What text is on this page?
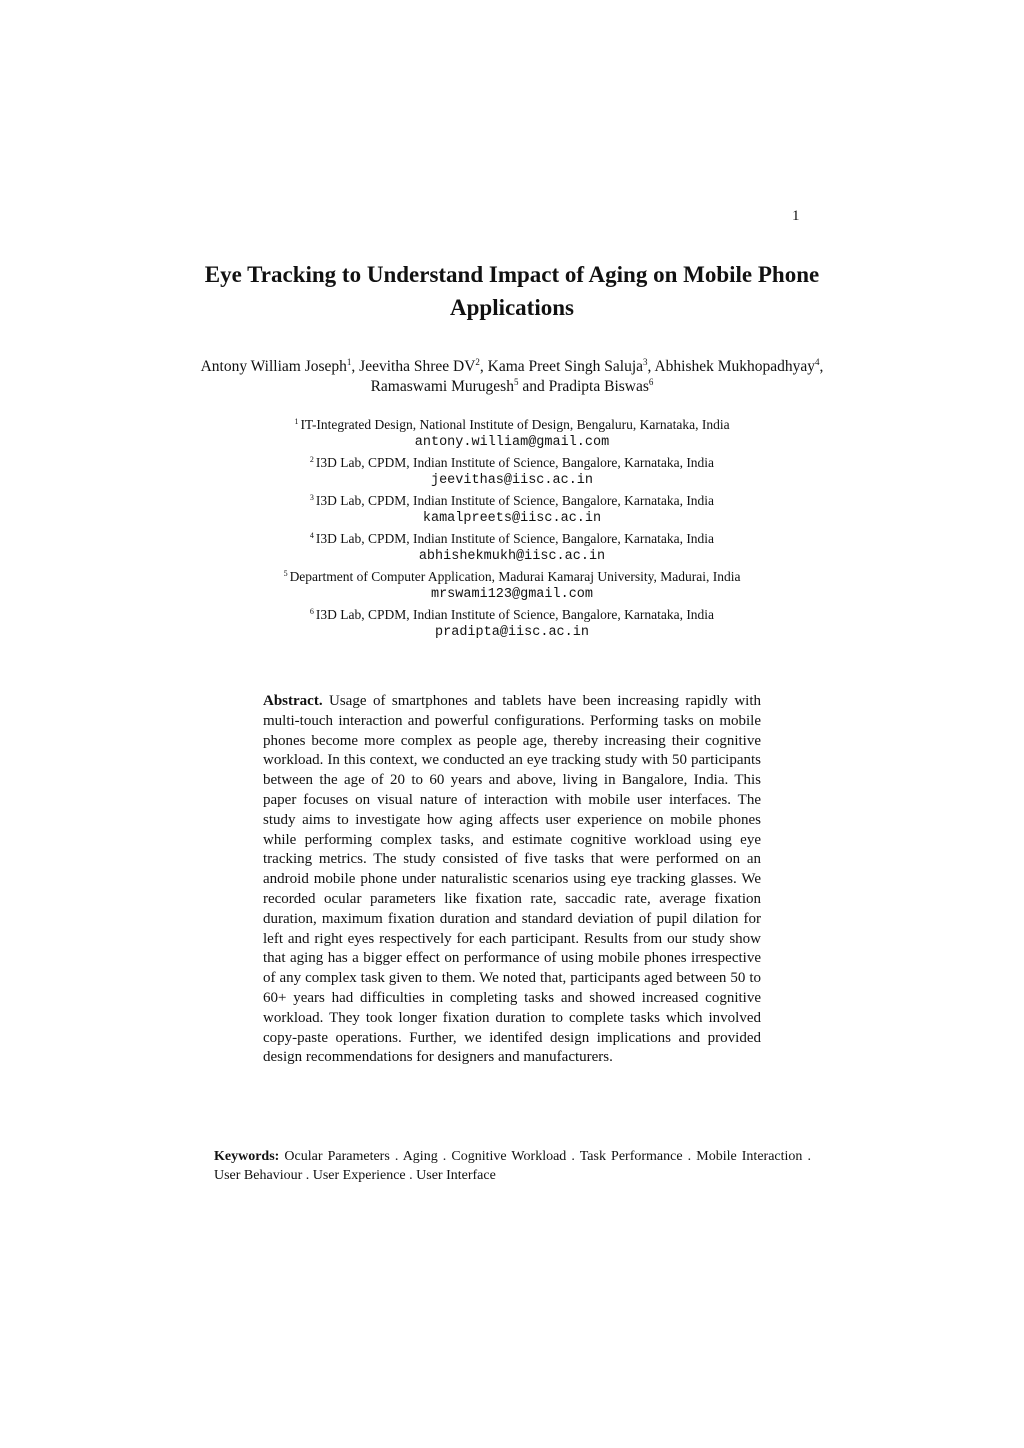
1
Eye Tracking to Understand Impact of Aging on Mobile Phone Applications
Antony William Joseph$^1$, Jeevitha Shree $DV^2$, Kama Preet Singh Saluja$^3$, Abhishek Mukhopadhyay$^4$, Ramaswami Murugesh$^5$ and Pradipta Biswas$^6$
$^1$ IT-Integrated Design, National Institute of Design, Bengaluru, Karnataka, India
antony.william@gmail.com
$^2$ I3D Lab, CPDM, Indian Institute of Science, Bangalore, Karnataka, India
jeevithas@iisc.ac.in
$^3$ I3D Lab, CPDM, Indian Institute of Science, Bangalore, Karnataka, India
kamalpreets@iisc.ac.in
$^4$ I3D Lab, CPDM, Indian Institute of Science, Bangalore, Karnataka, India
abhishekmukh@iisc.ac.in
$^5$ Department of Computer Application, Madurai Kamaraj University, Madurai, India
mrswami123@gmail.com
$^6$ I3D Lab, CPDM, Indian Institute of Science, Bangalore, Karnataka, India
pradipta@iisc.ac.in

Abstract. Usage of smartphones and tablets have been increasing rapidly with multi-touch interaction and powerful configurations. Performing tasks on mobile phones become more complex as people age, thereby increasing their cognitive workload. In this context, we conducted an eye tracking study with 50 participants between the age of 20 to 60 years and above, living in Bangalore, India. This paper focuses on visual nature of interaction with mobile user interfaces. The study aims to investigate how aging affects user experience on mobile phones while performing complex tasks, and estimate cognitive workload using eye tracking metrics. The study consisted of five tasks that were performed on an android mobile phone under naturalistic scenarios using eye tracking glasses. We recorded ocular parameters like fixation rate, saccadic rate, average fixation duration, maximum fixation duration and standard deviation of pupil dilation for left and right eyes respectively for each participant. Results from our study show that aging has a bigger effect on performance of using mobile phones irrespective of any complex task given to them. We noted that, participants aged between 50 to 60+ years had difficulties in completing tasks and showed increased cognitive workload. They took longer fixation duration to complete tasks which involved copy-paste operations. Further, we identifed design implications and provided design recommendations for designers and manufacturers.

Keywords: Ocular Parameters . Aging . Cognitive Workload . Task Performance . Mobile Interaction . User Behaviour . User Experience . User Interface
